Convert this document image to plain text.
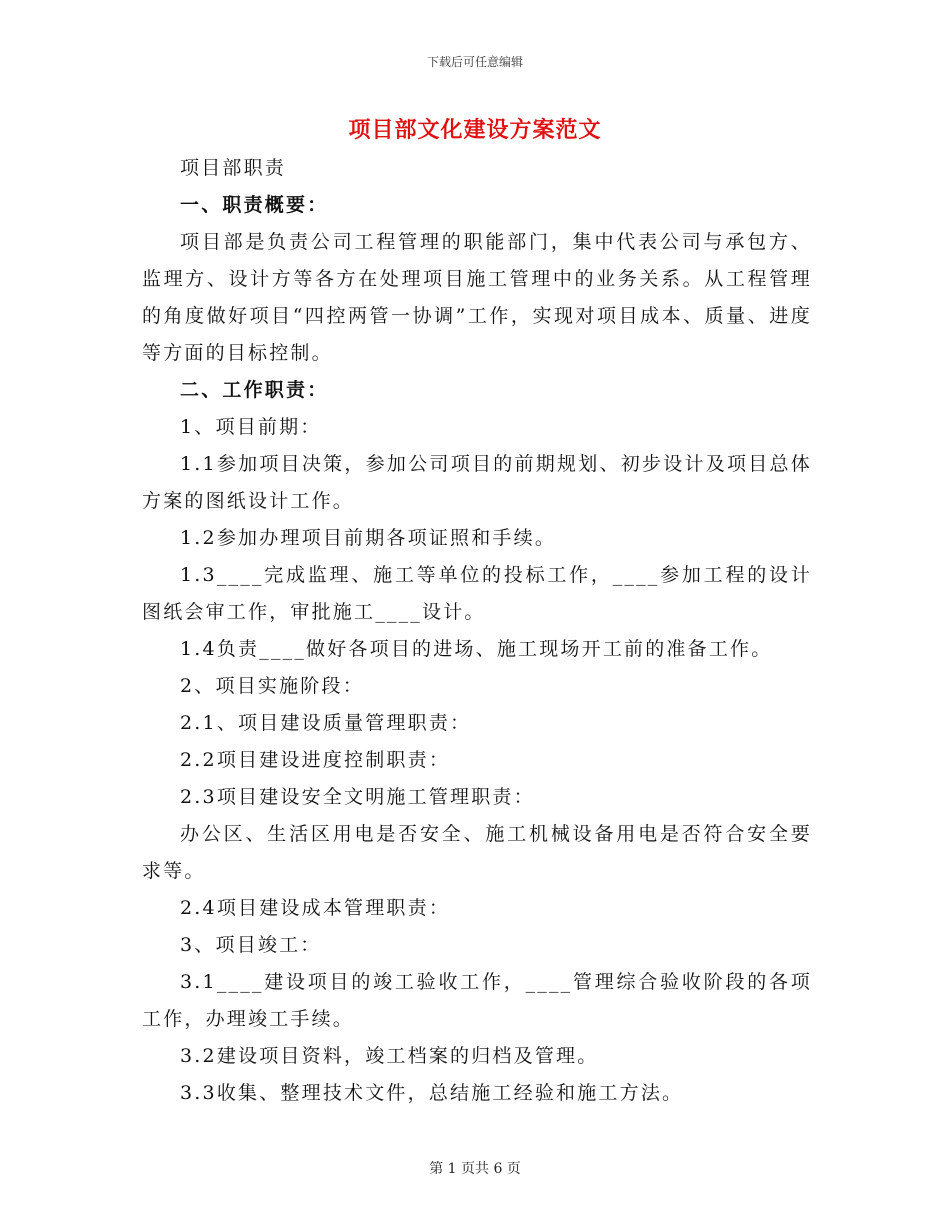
下载后可任意编辑
项目部文化建设方案范文

项目部职责

一、职责概要：

项目部是负责公司工程管理的职能部门，集中代表公司与承包方、监理方、设计方等各方在处理项目施工管理中的业务关系。从工程管理的角度做好项目“四控两管一协调”工作，实现对项目成本、质量、进度等方面的目标控制。

二、工作职责：

1、项目前期：

1.1参加项目决策，参加公司项目的前期规划、初步设计及项目总体方案的图纸设计工作。

1.2参加办理项目前期各项证照和手续。

1.3____完成监理、施工等单位的投标工作，____参加工程的设计图纸会审工作，审批施工____设计。

1.4负责____做好各项目的进场、施工现场开工前的准备工作。

2、项目实施阶段：

2.1、项目建设质量管理职责：

2.2项目建设进度控制职责：

2.3项目建设安全文明施工管理职责：

办公区、生活区用电是否安全、施工机械设备用电是否符合安全要求等。

2.4项目建设成本管理职责：

3、项目竣工：

3.1____建设项目的竣工验收工作，____管理综合验收阶段的各项工作，办理竣工手续。

3.2建设项目资料，竣工档案的归档及管理。

3.3收集、整理技术文件，总结施工经验和施工方法。

第 1 页共 6 页
